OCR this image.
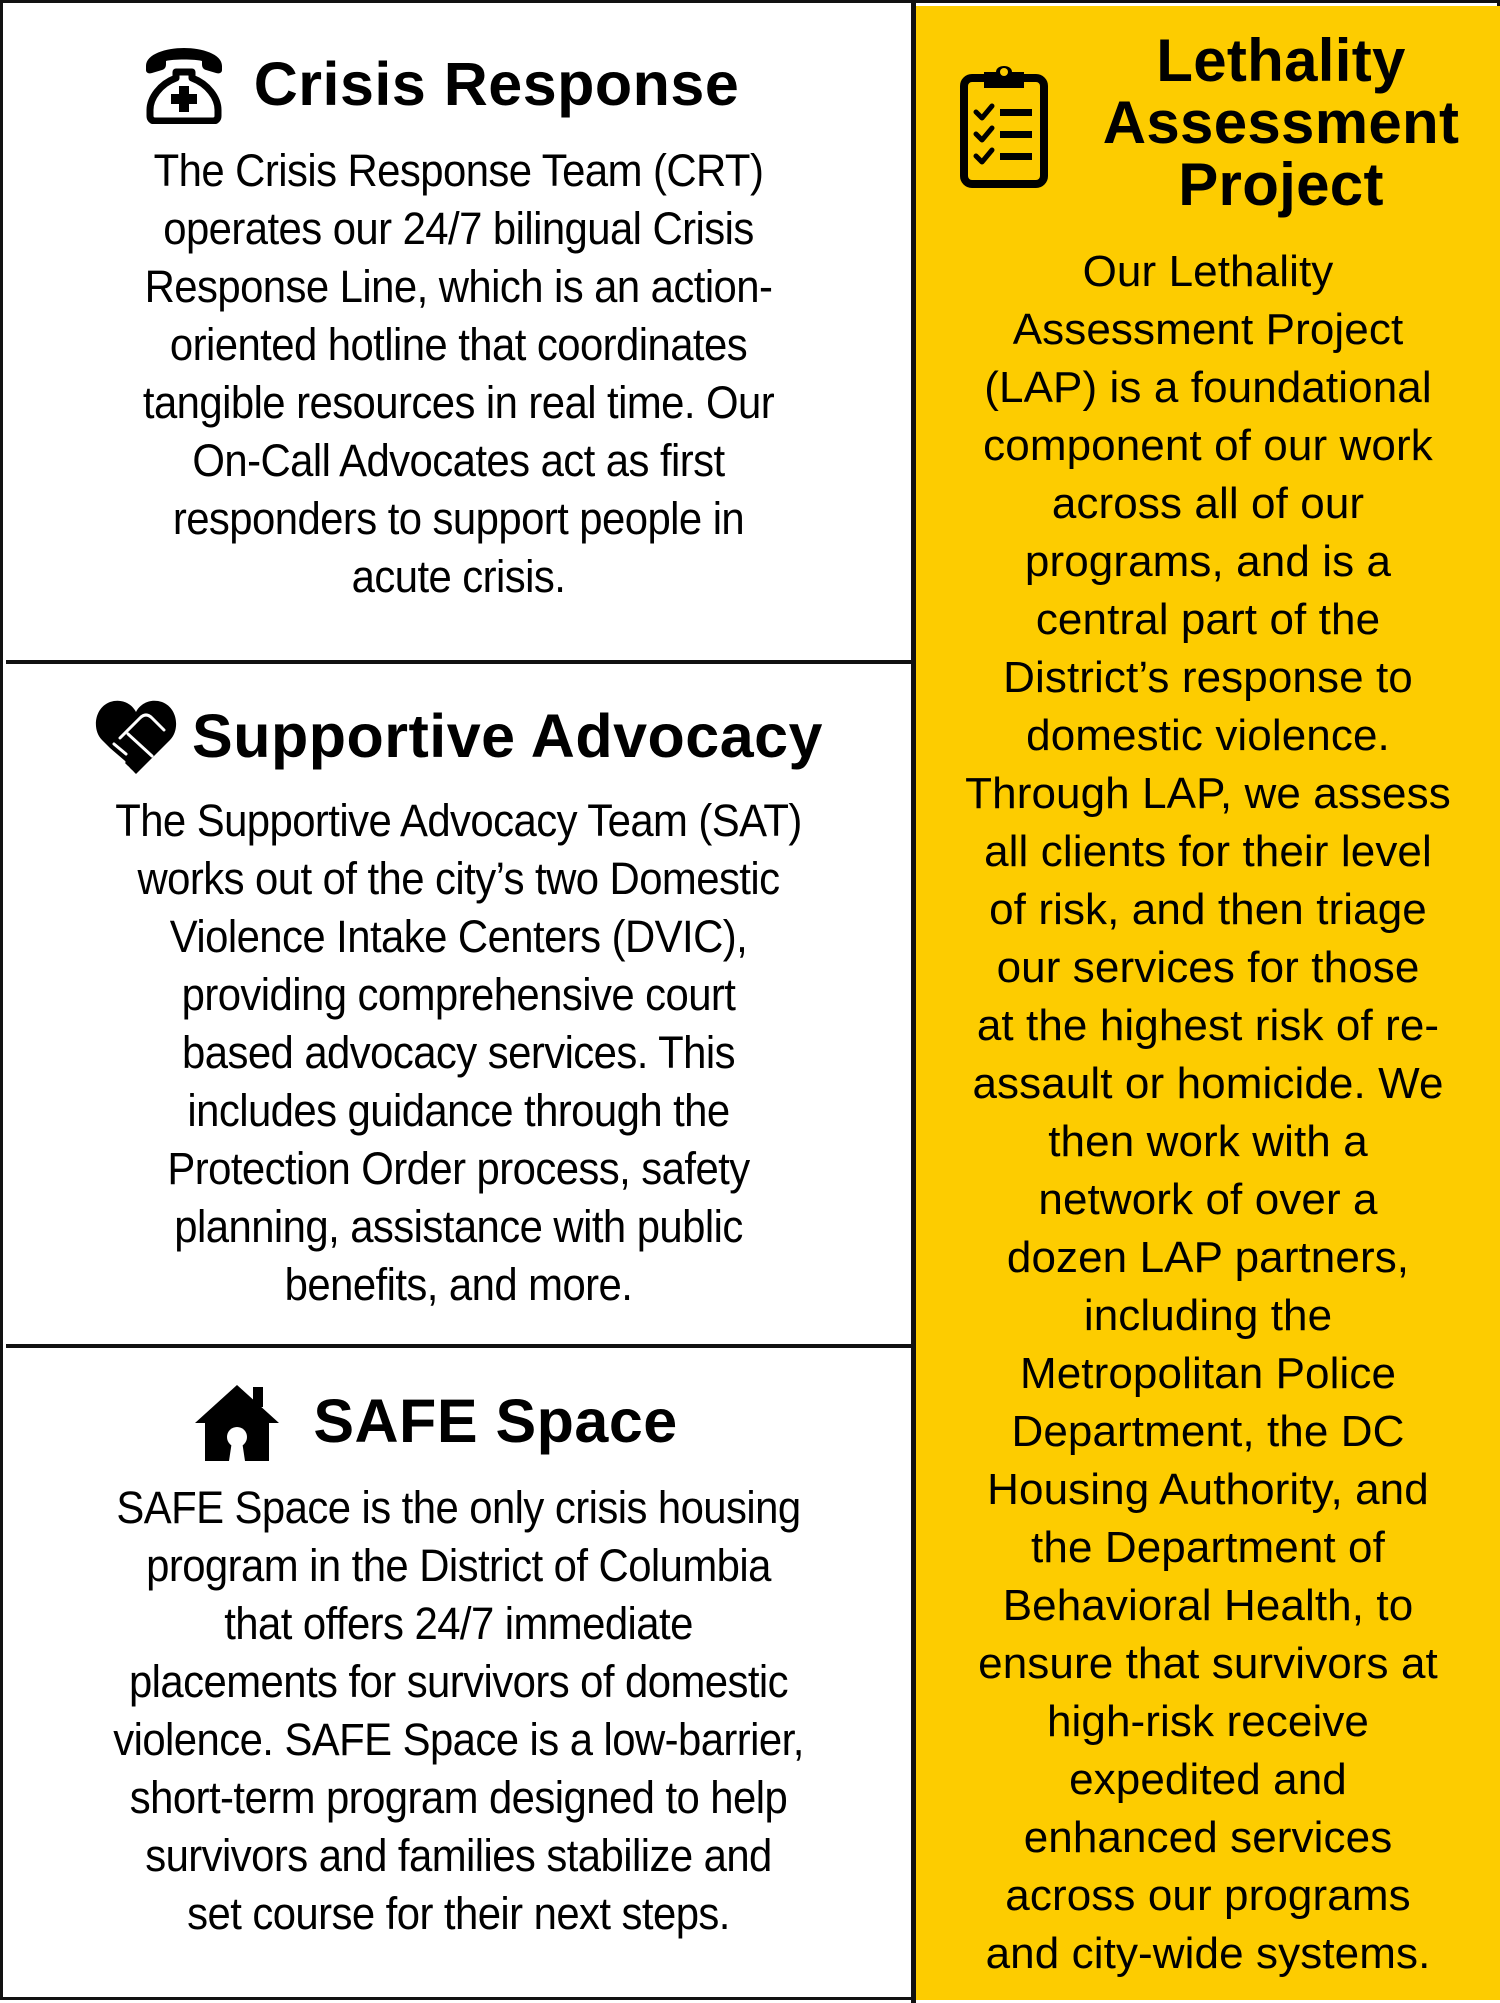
Crisis Response
The Crisis Response Team (CRT)
operates our 24/7 bilingual Crisis
Response Line, which is an action-
oriented hotline that coordinates
tangible resources in real time. Our
On-Call Advocates act as first
responders to support people in
acute crisis.
Supportive Advocacy
The Supportive Advocacy Team (SAT)
works out of the city’s two Domestic
Violence Intake Centers (DVIC),
providing comprehensive court
based advocacy services. This
includes guidance through the
Protection Order process, safety
planning, assistance with public
benefits, and more.
SAFE Space
SAFE Space is the only crisis housing
program in the District of Columbia
that offers 24/7 immediate
placements for survivors of domestic
violence. SAFE Space is a low-barrier,
short-term program designed to help
survivors and families stabilize and
set course for their next steps.
Lethality
Assessment
Project
Our Lethality
Assessment Project
(LAP) is a foundational
component of our work
across all of our
programs, and is a
central part of the
District’s response to
domestic violence.
Through LAP, we assess
all clients for their level
of risk, and then triage
our services for those
at the highest risk of re-
assault or homicide. We
then work with a
network of over a
dozen LAP partners,
including the
Metropolitan Police
Department, the DC
Housing Authority, and
the Department of
Behavioral Health, to
ensure that survivors at
high-risk receive
expedited and
enhanced services
across our programs
and city-wide systems.
